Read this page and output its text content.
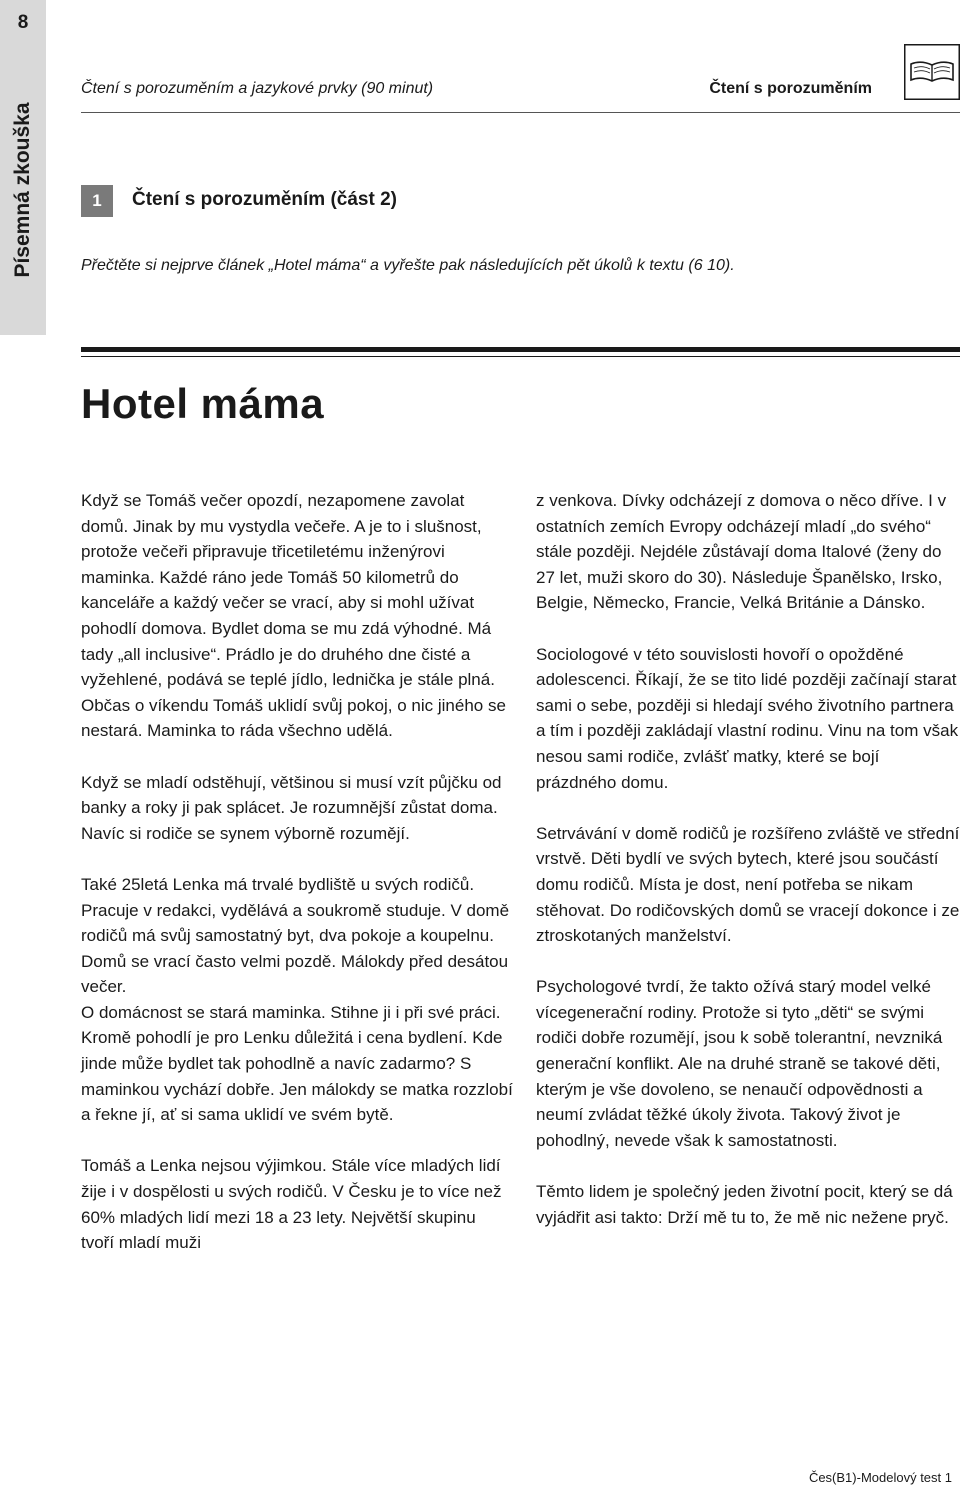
8
Písemná zkouška
Čtení s porozuměním a jazykové prvky (90 minut)	Čtení s porozuměním
1	Čtení s porozuměním (část 2)
Přečtěte si nejprve článek „Hotel máma“ a vyřešte pak následujících pět úkolů k textu (6 10).
Hotel máma

Když se Tomáš večer opozdí, nezapomene zavolat domů. Jinak by mu vystydla večeře. A je to i slušnost, protože večeři připravuje třicetiletému inženýrovi maminka. Každé ráno jede Tomáš 50 kilometrů do kanceláře a každý večer se vrací, aby si mohl užívat pohodlí domova. Bydlet doma se mu zdá výhodné. Má tady „all inclusive“. Prádlo je do druhého dne čisté a vyžehlené, podává se teplé jídlo, lednička je stále plná. Občas o víkendu Tomáš uklidí svůj pokoj, o nic jiného se nestará. Maminka to ráda všechno udělá.

Když se mladí odstěhují, většinou si musí vzít půjčku od banky a roky ji pak splácet. Je rozumnější zůstat doma. Navíc si rodiče se synem výborně rozumějí.

Také 25letá Lenka má trvalé bydliště u svých rodičů. Pracuje v redakci, vydělává a soukromě studuje. V domě rodičů má svůj samostatný byt, dva pokoje a koupelnu. Domů se vrací často velmi pozdě. Málokdy před desátou večer.
O domácnost se stará maminka. Stihne ji i při své práci. Kromě pohodlí je pro Lenku důležitá i cena bydlení. Kde jinde může bydlet tak pohodlně a navíc zadarmo? S maminkou vychází dobře. Jen málokdy se matka rozzlobí a řekne jí, ať si sama uklidí ve svém bytě.

Tomáš a Lenka nejsou výjimkou. Stále více mladých lidí žije i v dospělosti u svých rodičů. V Česku je to více než 60% mladých lidí mezi 18 a 23 lety. Největší skupinu tvoří mladí muži

z venkova. Dívky odcházejí z domova o něco dříve. I v ostatních zemích Evropy odcházejí mladí „do svého“ stále později. Nejdéle zůstávají doma Italové (ženy do 27 let, muži skoro do 30). Následuje Španělsko, Irsko, Belgie, Německo, Francie, Velká Británie a Dánsko.

Sociologové v této souvislosti hovoří o opožděné adolescenci. Říkají, že se tito lidé později začínají starat sami o sebe, později si hledají svého životního partnera a tím i později zakládají vlastní rodinu. Vinu na tom však nesou sami rodiče, zvlášť matky, které se bojí prázdného domu.

Setrvávání v domě rodičů je rozšířeno zvláště ve střední vrstvě. Děti bydlí ve svých bytech, které jsou součástí domu rodičů. Místa je dost, není potřeba se nikam stěhovat. Do rodičovských domů se vracejí dokonce i ze ztroskotaných manželství.

Psychologové tvrdí, že takto ožívá starý model velké vícegenerační rodiny. Protože si tyto „děti“ se svými rodiči dobře rozumějí, jsou k sobě tolerantní, nevzniká generační konflikt. Ale na druhé straně se takové děti, kterým je vše dovoleno, se nenaučí odpovědnosti a neumí zvládat těžké úkoly života. Takový život je pohodlný, nevede však k samostatnosti.

Těmto lidem je společný jeden životní pocit, který se dá vyjádřit asi takto: Drží mě tu to, že mě nic nežene pryč.

Čes(B1)-Modelový test 1
